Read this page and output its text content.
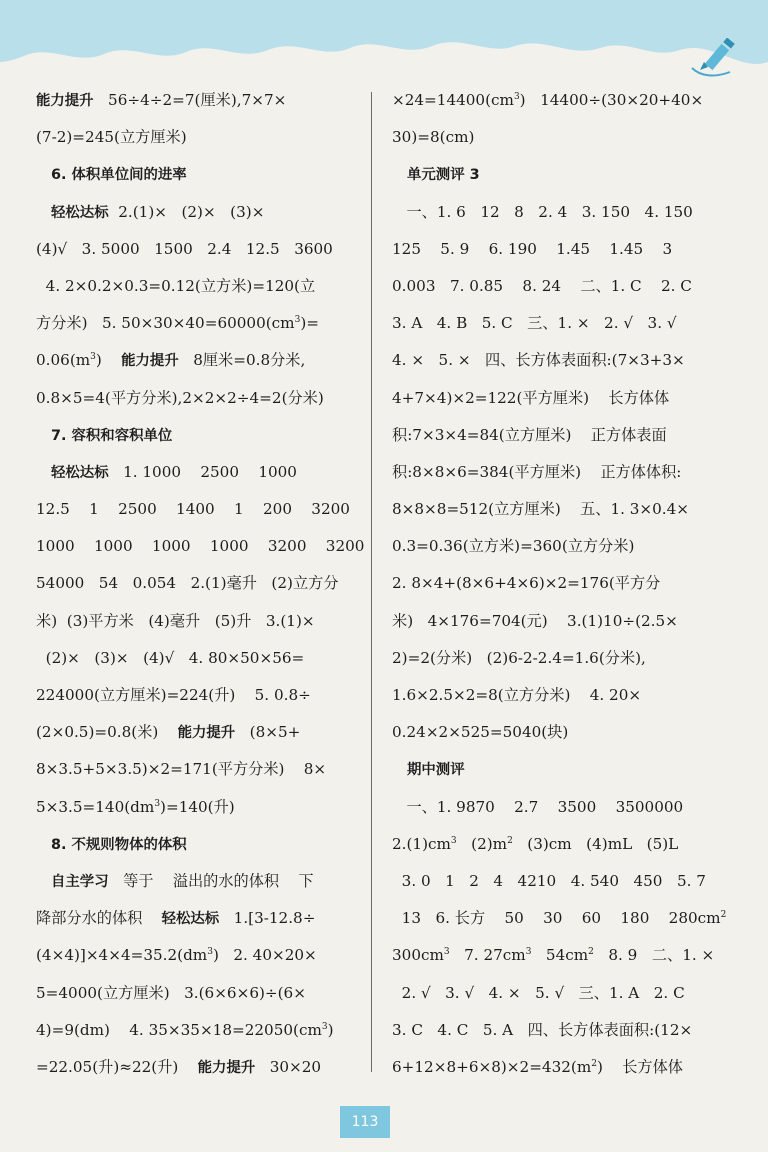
能力提升   56÷4÷2=7(厘米),7×7×
(7-2)=245(立方厘米)
6. 体积单位间的进率
轻松达标  2.(1)×   (2)×   (3)×
(4)√   3. 5000   1500   2.4   12.5   3600
4. 2×0.2×0.3=0.12(立方米)=120(立
方分米)   5. $50\times 30\times 40=60000(cm^3)=$
$0.06(m^3)$    能力提升   8厘米=0.8分米,
0.8×5=4(平方分米),2×2×2÷4=2(分米)
7. 容积和容积单位
轻松达标   1. 1000    2500    1000
12.5    1    2500    1400    1    200    3200
1000    1000    1000    1000    3200    3200
54000   54   0.054   2.(1)毫升   (2)立方分
米)  (3)平方米   (4)毫升   (5)升   3.(1)×
(2)×   (3)×   (4)√   4. 80×50×56=
224000(立方厘米)=224(升)    5. 0.8÷
(2×0.5)=0.8(米)    能力提升   (8×5+
8×3.5+5×3.5)×2=171(平方分米)    8×
$5\times 3.5=140(dm^3)=140$(升)
8. 不规则物体的体积
自主学习   等于    溢出的水的体积    下
降部分水的体积    轻松达标   1.[3-12.8÷
$(4\times 4)]\times 4\times 4=35.2(dm^3)$   2. 40×20×
5=4000(立方厘米)   3.(6×6×6)÷(6×
4)=9(dm)    4. $35\times 35\times 18=22050(cm^3)$
=22.05(升)≈22(升)    能力提升   30×20
$\times 24=14400(cm^3)$   14400÷(30×20+40×
30)=8(cm)
单元测评 3
一、1. 6   12   8   2. 4   3. 150   4. 150
125    5. 9    6. 190    1.45    1.45    3
0.003   7. 0.85    8. 24    二、1. C    2. C
3. A   4. B   5. C   三、1. ×   2. √   3. √
4. ×   5. ×   四、长方体表面积:(7×3+3×
4+7×4)×2=122(平方厘米)    长方体体
积:7×3×4=84(立方厘米)    正方体表面
积:8×8×6=384(平方厘米)    正方体体积:
8×8×8=512(立方厘米)    五、1. 3×0.4×
0.3=0.36(立方米)=360(立方分米)
2. 8×4+(8×6+4×6)×2=176(平方分
米)   4×176=704(元)    3.(1)10÷(2.5×
2)=2(分米)   (2)6-2-2.4=1.6(分米),
1.6×2.5×2=8(立方分米)    4. 20×
0.24×2×525=5040(块)
期中测评
一、1. 9870    2.7    3500    3500000
$2.(1)cm^3$   $(2)m^2$   (3)cm   (4)mL   (5)L
3. 0   1   2   4   4210   4. 540   450   5. 7
13   6. 长方    50    30    60    180    $280cm^2$
$300cm^3$   7. $27cm^3$   $54cm^2$   8. 9   二、1. ×
2. √   3. √   4. ×   5. √   三、1. A   2. C
3. C   4. C   5. A   四、长方体表面积:(12×
$6+12\times 8+6\times 8)\times 2=432(m^2)$    长方体体
113
